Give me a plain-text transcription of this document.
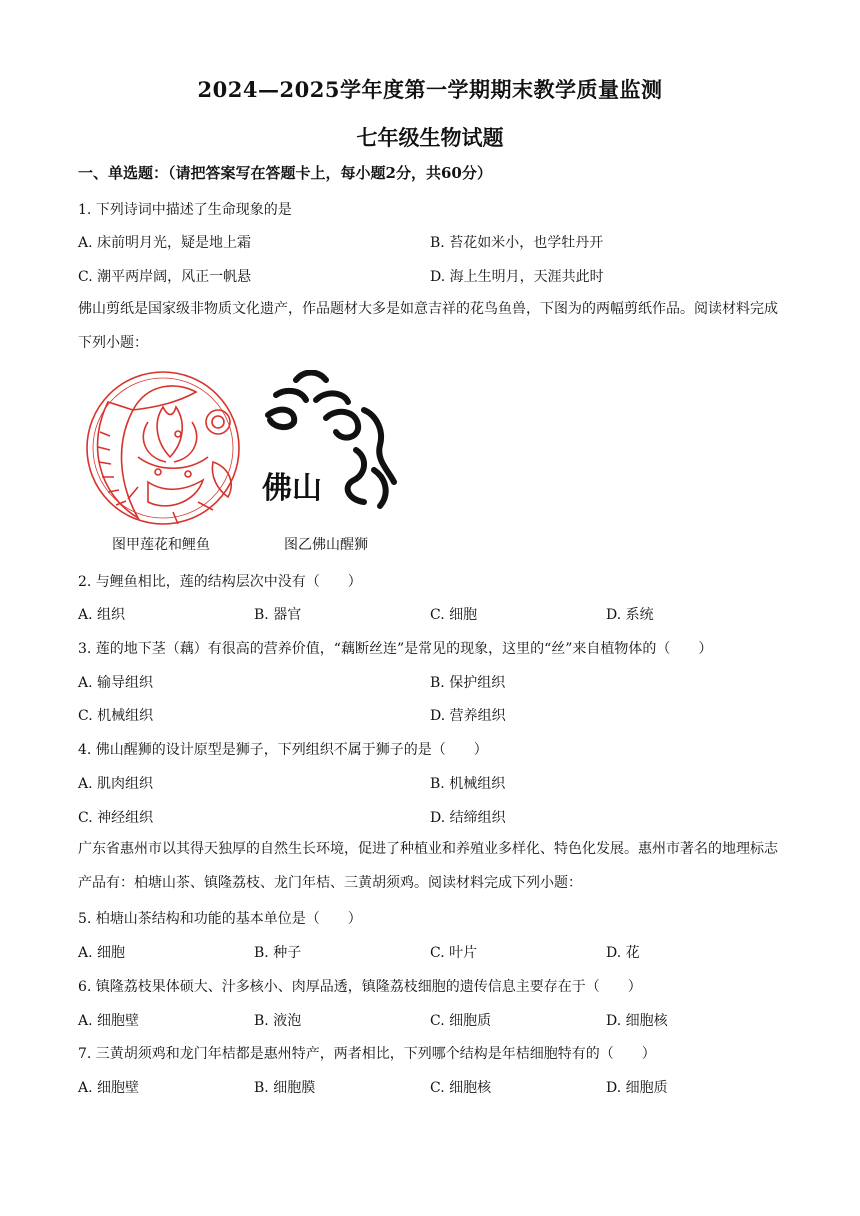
2024—2025学年度第一学期期末教学质量监测
七年级生物试题
一、单选题：（请把答案写在答题卡上，每小题2分，共60分）
1. 下列诗词中描述了生命现象的是
A. 床前明月光，疑是地上霜	B. 苔花如米小，也学牡丹开
C. 潮平两岸阔，风正一帆悬	D. 海上生明月，天涯共此时
佛山剪纸是国家级非物质文化遗产，作品题材大多是如意吉祥的花鸟鱼兽，下图为的两幅剪纸作品。阅读材料完成下列小题：
图甲莲花和鲤鱼
佛山
图乙佛山醒狮
2. 与鲤鱼相比，莲的结构层次中没有（　　）
A. 组织	B. 器官	C. 细胞	D. 系统
3. 莲的地下茎（藕）有很高的营养价值，“藕断丝连”是常见的现象，这里的“丝”来自植物体的（　　）
A. 输导组织	B. 保护组织
C. 机械组织	D. 营养组织
4. 佛山醒狮的设计原型是狮子，下列组织不属于狮子的是（　　）
A. 肌肉组织	B. 机械组织
C. 神经组织	D. 结缔组织
广东省惠州市以其得天独厚的自然生长环境，促进了种植业和养殖业多样化、特色化发展。惠州市著名的地理标志产品有：柏塘山茶、镇隆荔枝、龙门年桔、三黄胡须鸡。阅读材料完成下列小题：
5. 柏塘山茶结构和功能的基本单位是（　　）
A. 细胞	B. 种子	C. 叶片	D. 花
6. 镇隆荔枝果体硕大、汁多核小、肉厚品透，镇隆荔枝细胞的遗传信息主要存在于（　　）
A. 细胞壁	B. 液泡	C. 细胞质	D. 细胞核
7. 三黄胡须鸡和龙门年桔都是惠州特产，两者相比，下列哪个结构是年桔细胞特有的（　　）
A. 细胞壁	B. 细胞膜	C. 细胞核	D. 细胞质
